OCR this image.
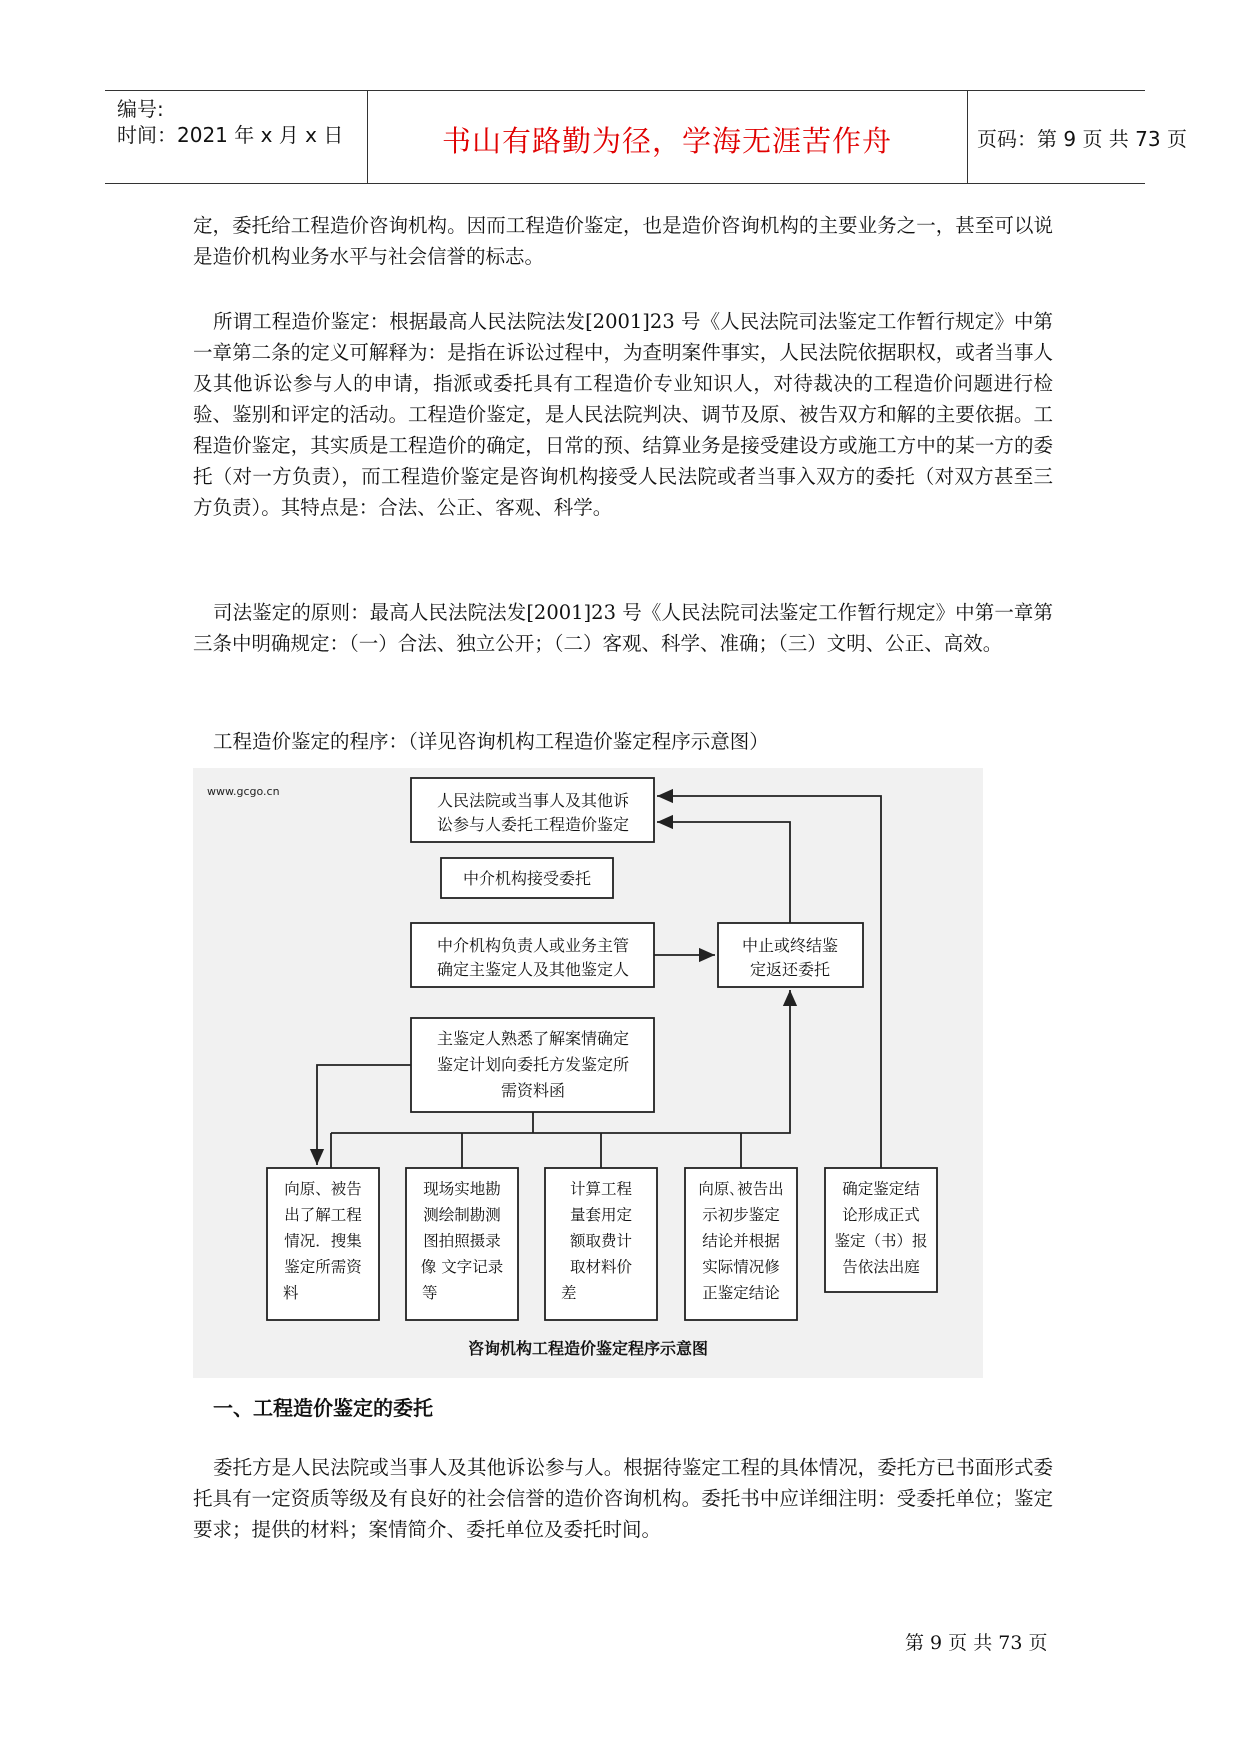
编号:
时间：2021 年 x 月 x 日	书山有路勤为径，学海无涯苦作舟	页码：第 9 页 共 73 页
定，委托给工程造价咨询机构。因而工程造价鉴定，也是造价咨询机构的主要业务之一，甚至可以说是造价机构业务水平与社会信誉的标志。
所谓工程造价鉴定：根据最高人民法院法发[2001]23 号《人民法院司法鉴定工作暂行规定》中第一章第二条的定义可解释为：是指在诉讼过程中，为查明案件事实，人民法院依据职权，或者当事人及其他诉讼参与人的申请，指派或委托具有工程造价专业知识人，对待裁决的工程造价问题进行检验、鉴别和评定的活动。工程造价鉴定，是人民法院判决、调节及原、被告双方和解的主要依据。工程造价鉴定，其实质是工程造价的确定，日常的预、结算业务是接受建设方或施工方中的某一方的委托（对一方负责），而工程造价鉴定是咨询机构接受人民法院或者当事入双方的委托（对双方甚至三方负责）。其特点是：合法、公正、客观、科学。
司法鉴定的原则：最高人民法院法发[2001]23 号《人民法院司法鉴定工作暂行规定》中第一章第三条中明确规定：（一）合法、独立公开；（二）客观、科学、准确；（三）文明、公正、高效。
工程造价鉴定的程序：（详见咨询机构工程造价鉴定程序示意图）
www.gcgo.cn	人民法院或当事人及其他诉
讼参与人委托工程造价鉴定
中介机构接受委托
中介机构负责人或业务主管
确定主鉴定人及其他鉴定人
中止或终结鉴
定返还委托
主鉴定人熟悉了解案情确定
鉴定计划向委托方发鉴定所
需资料函
向原、被告
出了解工程
情况．搜集
鉴定所需资
料
现场实地勘
测绘制勘测
图拍照摄录
像 文字记录
等
计算工程
量套用定
额取费计
取材料价
差
向原､被告出
示初步鉴定
结论并根据
实际情况修
正鉴定结论
确定鉴定结
论形成正式
鉴定（书）报
告依法出庭
咨询机构工程造价鉴定程序示意图
一、工程造价鉴定的委托
委托方是人民法院或当事人及其他诉讼参与人。根据待鉴定工程的具体情况，委托方已书面形式委托具有一定资质等级及有良好的社会信誉的造价咨询机构。委托书中应详细注明：受委托单位；鉴定要求；提供的材料；案情简介、委托单位及委托时间。
第 9 页 共 73 页
